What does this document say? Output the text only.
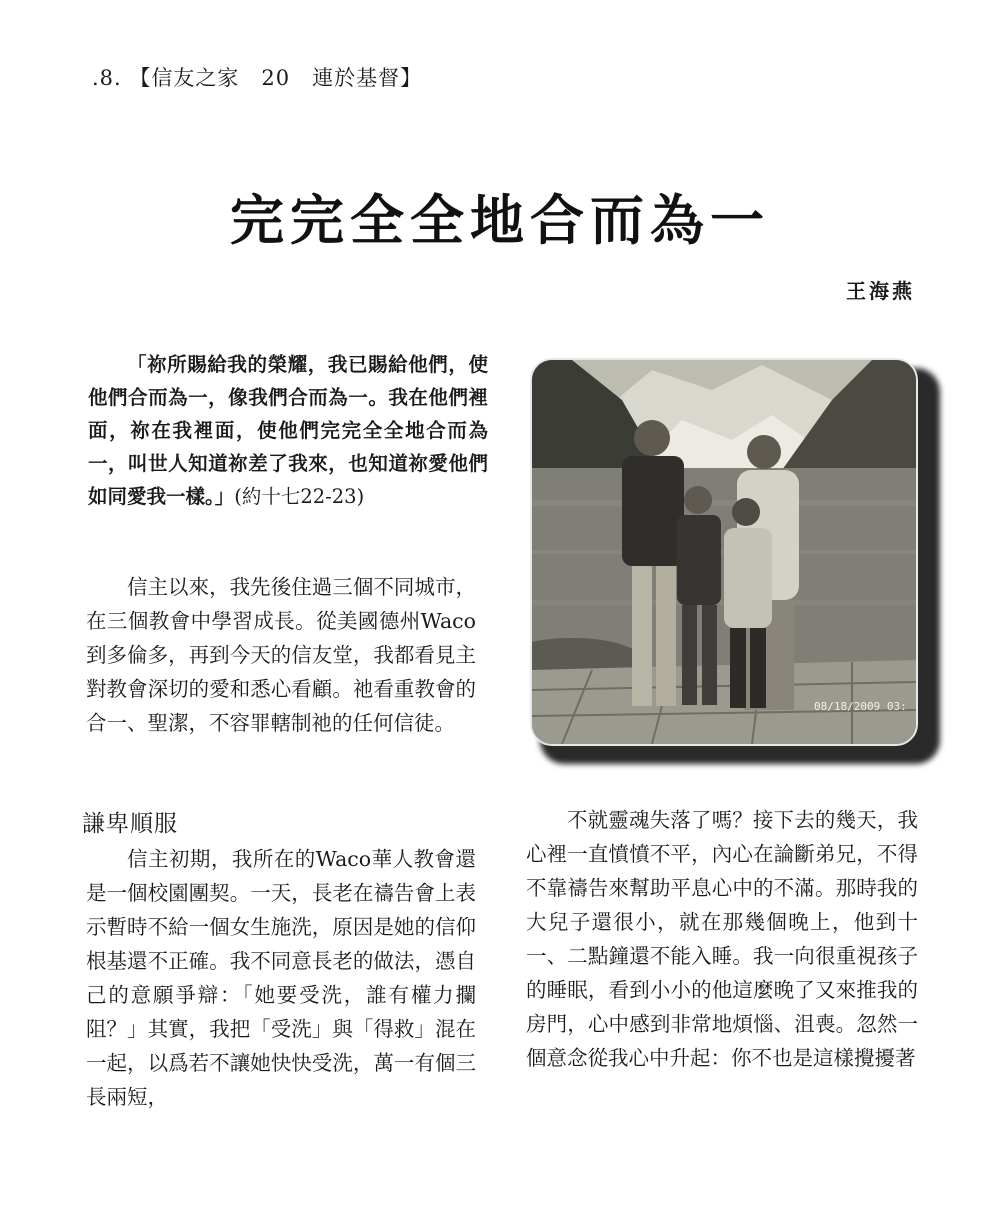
.8. 【信友之家　20　連於基督】
完完全全地合而為一
王海燕

「祢所賜給我的榮耀，我已賜給他們，使他們合而為一，像我們合而為一。我在他們裡面，祢在我裡面，使他們完完全全地合而為一，叫世人知道祢差了我來，也知道祢愛他們如同愛我一樣。」(約十七22-23)

信主以來，我先後住過三個不同城市，在三個教會中學習成長。從美國德州Waco到多倫多，再到今天的信友堂，我都看見主對教會深切的愛和悉心看顧。祂看重教會的合一、聖潔，不容罪轄制祂的任何信徒。

謙卑順服

信主初期，我所在的Waco華人教會還是一個校園團契。一天，長老在禱告會上表示暫時不給一個女生施洗，原因是她的信仰根基還不正確。我不同意長老的做法，憑自己的意願爭辯：「她要受洗，誰有權力攔阻？」其實，我把「受洗」與「得救」混在一起，以爲若不讓她快快受洗，萬一有個三長兩短，

不就靈魂失落了嗎？接下去的幾天，我心裡一直憤憤不平，內心在論斷弟兄，不得不靠禱告來幫助平息心中的不滿。那時我的大兒子還很小，就在那幾個晚上，他到十一、二點鐘還不能入睡。我一向很重視孩子的睡眠，看到小小的他這麼晚了又來推我的房門，心中感到非常地煩惱、沮喪。忽然一個意念從我心中升起：你不也是這樣攪擾著

08/18/2009 03:
